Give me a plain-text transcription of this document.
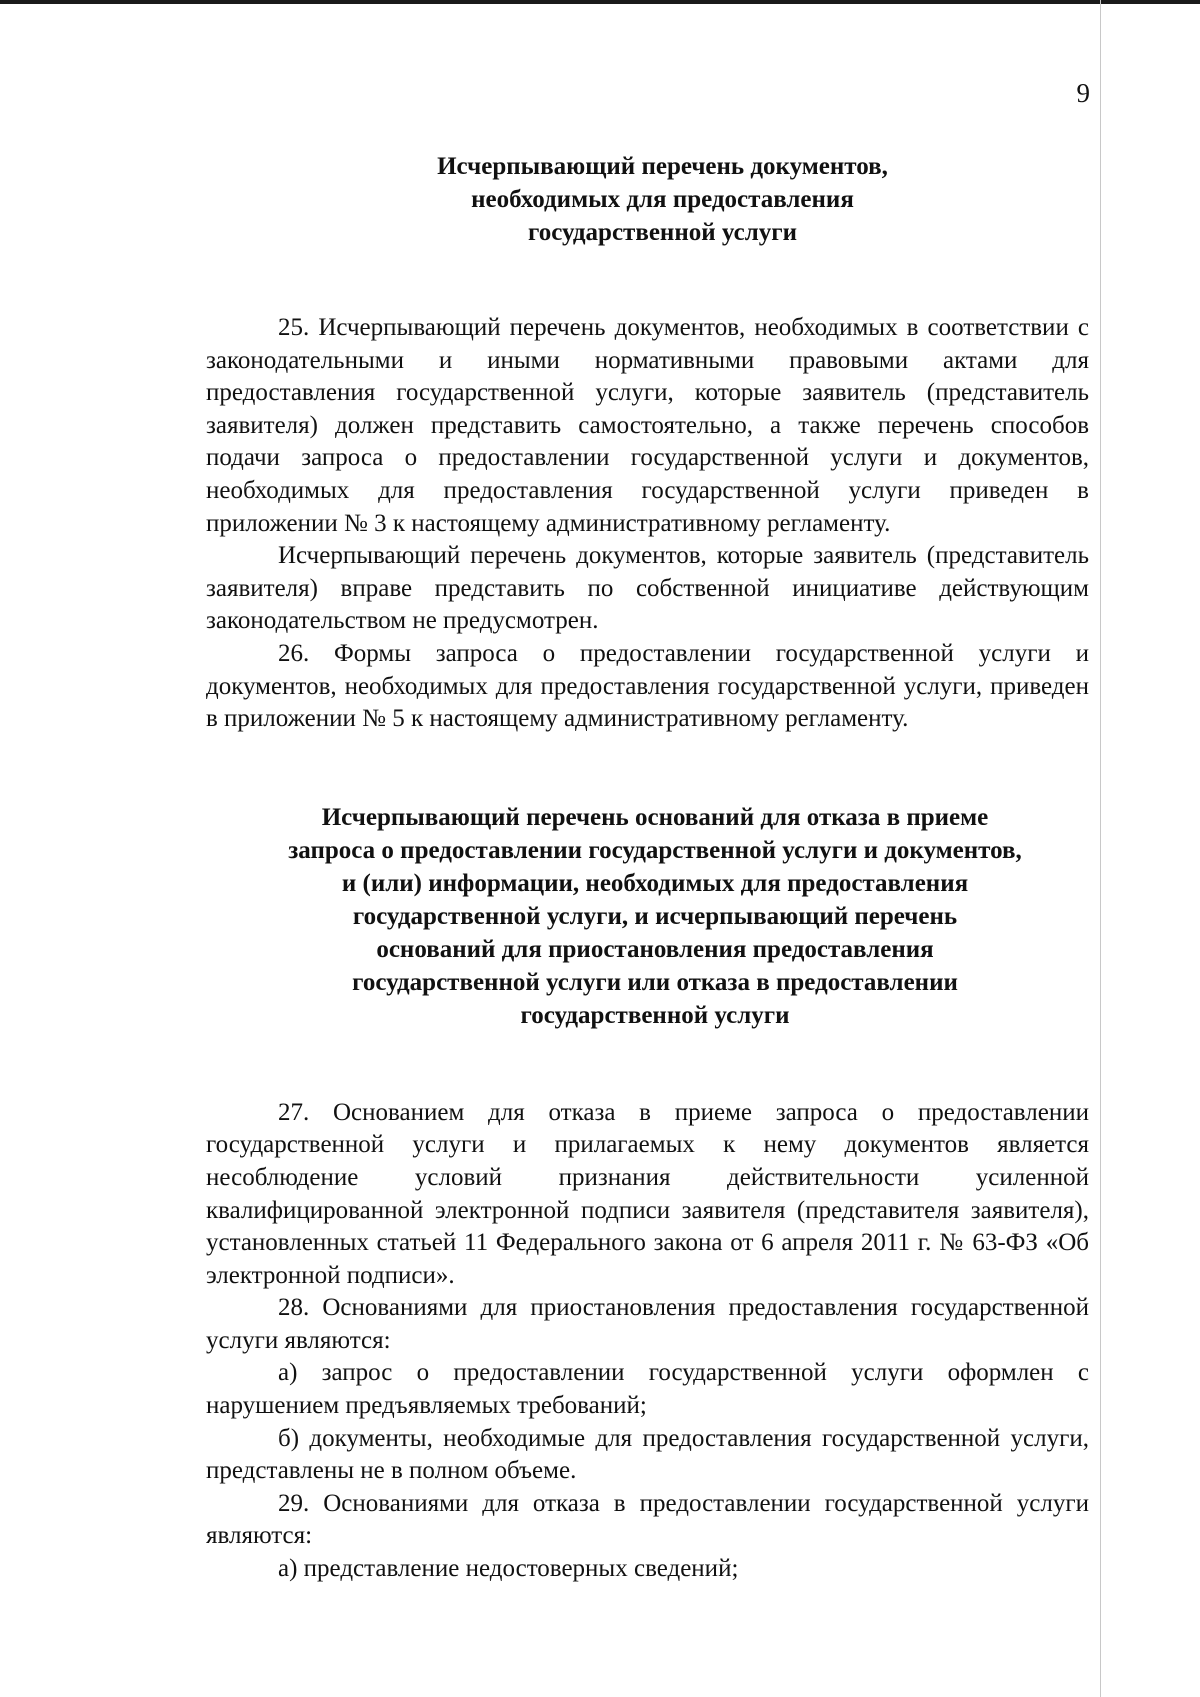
9
Исчерпывающий перечень документов,
необходимых для предоставления
государственной услуги

25. Исчерпывающий перечень документов, необходимых в соответствии с законодательными и иными нормативными правовыми актами для предоставления государственной услуги, которые заявитель (представитель заявителя) должен представить самостоятельно, а также перечень способов подачи запроса о предоставлении государственной услуги и документов, необходимых для предоставления государственной услуги приведен в приложении № 3 к настоящему административному регламенту.

Исчерпывающий перечень документов, которые заявитель (представитель заявителя) вправе представить по собственной инициативе действующим законодательством не предусмотрен.

26. Формы запроса о предоставлении государственной услуги и документов, необходимых для предоставления государственной услуги, приведен в приложении № 5 к настоящему административному регламенту.

Исчерпывающий перечень оснований для отказа в приеме
запроса о предоставлении государственной услуги и документов,
и (или) информации, необходимых для предоставления
государственной услуги, и исчерпывающий перечень
оснований для приостановления предоставления
государственной услуги или отказа в предоставлении
государственной услуги

27. Основанием для отказа в приеме запроса о предоставлении государственной услуги и прилагаемых к нему документов является несоблюдение условий признания действительности усиленной квалифицированной электронной подписи заявителя (представителя заявителя), установленных статьей 11 Федерального закона от 6 апреля 2011 г. № 63-ФЗ «Об электронной подписи».

28. Основаниями для приостановления предоставления государственной услуги являются:

а) запрос о предоставлении государственной услуги оформлен с нарушением предъявляемых требований;

б) документы, необходимые для предоставления государственной услуги, представлены не в полном объеме.

29. Основаниями для отказа в предоставлении государственной услуги являются:

а) представление недостоверных сведений;
